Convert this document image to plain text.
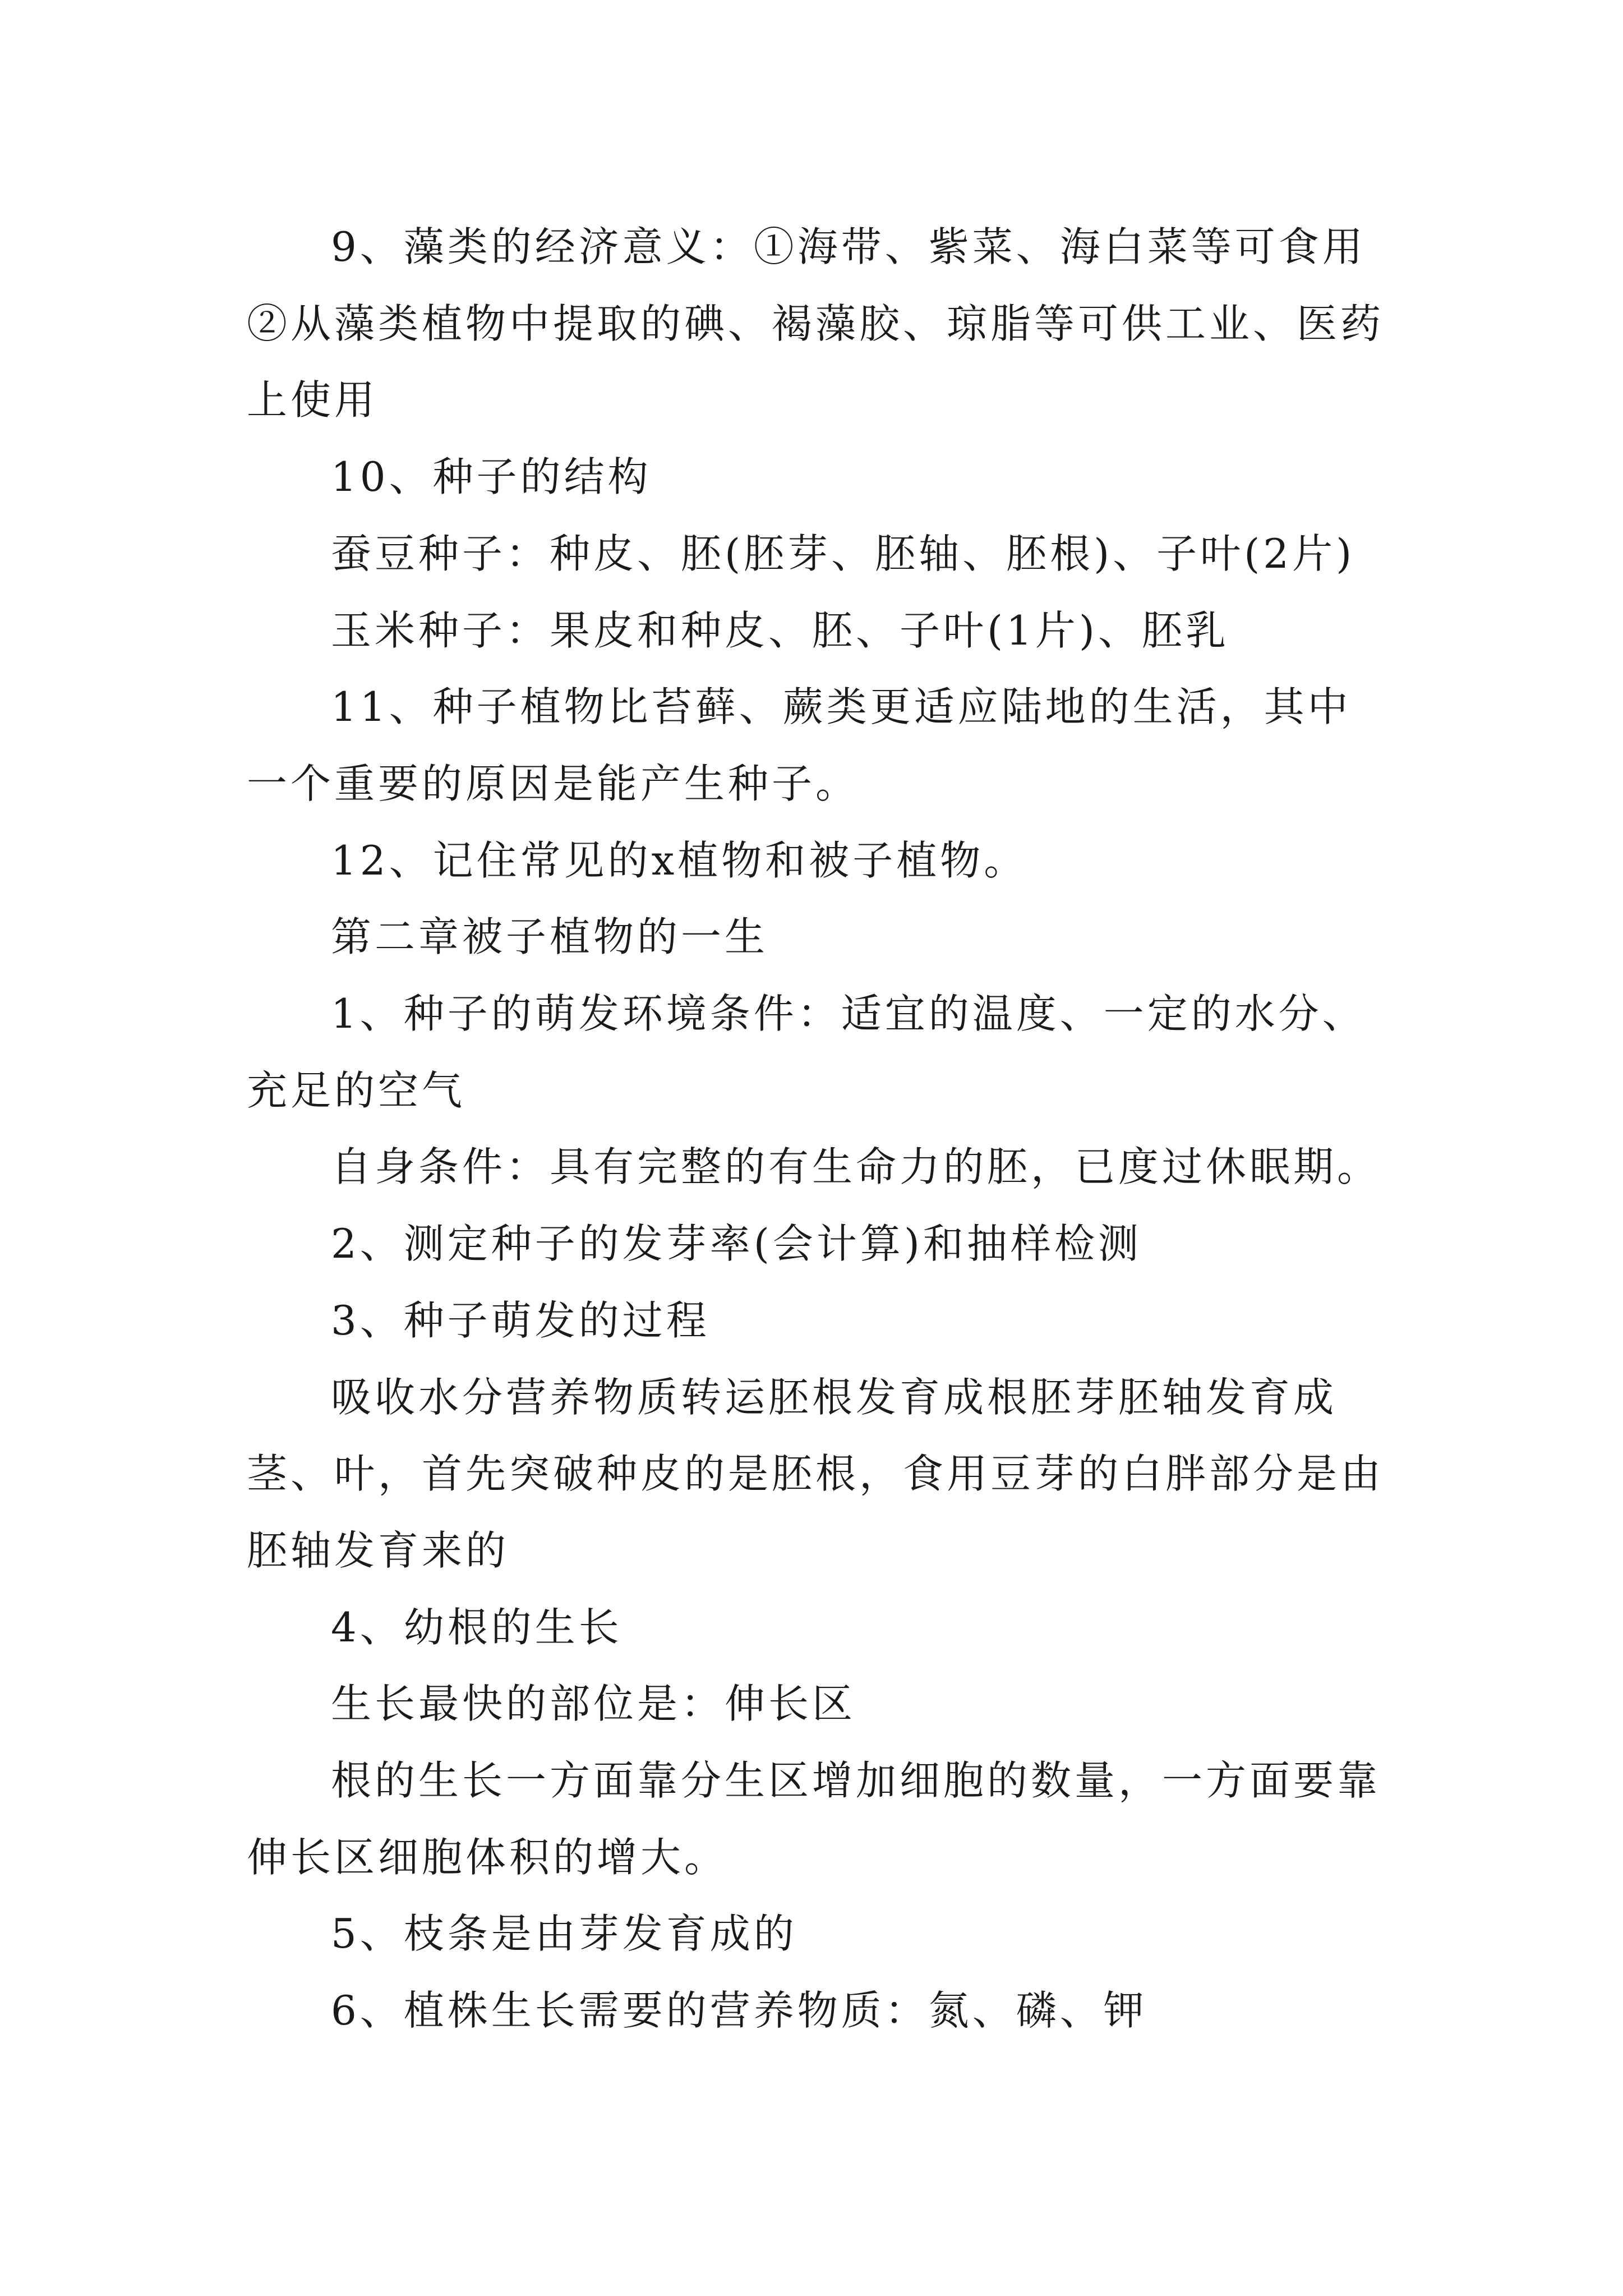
9、藻类的经济意义：①海带、紫菜、海白菜等可食用②从藻类植物中提取的碘、褐藻胶、琼脂等可供工业、医药上使用

10、种子的结构

蚕豆种子：种皮、胚(胚芽、胚轴、胚根)、子叶(2片)

玉米种子：果皮和种皮、胚、子叶(1片)、胚乳

11、种子植物比苔藓、蕨类更适应陆地的生活，其中一个重要的原因是能产生种子。

12、记住常见的x植物和被子植物。

第二章被子植物的一生

1、种子的萌发环境条件：适宜的温度、一定的水分、充足的空气

自身条件：具有完整的有生命力的胚，已度过休眠期。

2、测定种子的发芽率(会计算)和抽样检测

3、种子萌发的过程

吸收水分营养物质转运胚根发育成根胚芽胚轴发育成茎、叶，首先突破种皮的是胚根，食用豆芽的白胖部分是由胚轴发育来的

4、幼根的生长

生长最快的部位是：伸长区

根的生长一方面靠分生区增加细胞的数量，一方面要靠伸长区细胞体积的增大。

5、枝条是由芽发育成的

6、植株生长需要的营养物质：氮、磷、钾
